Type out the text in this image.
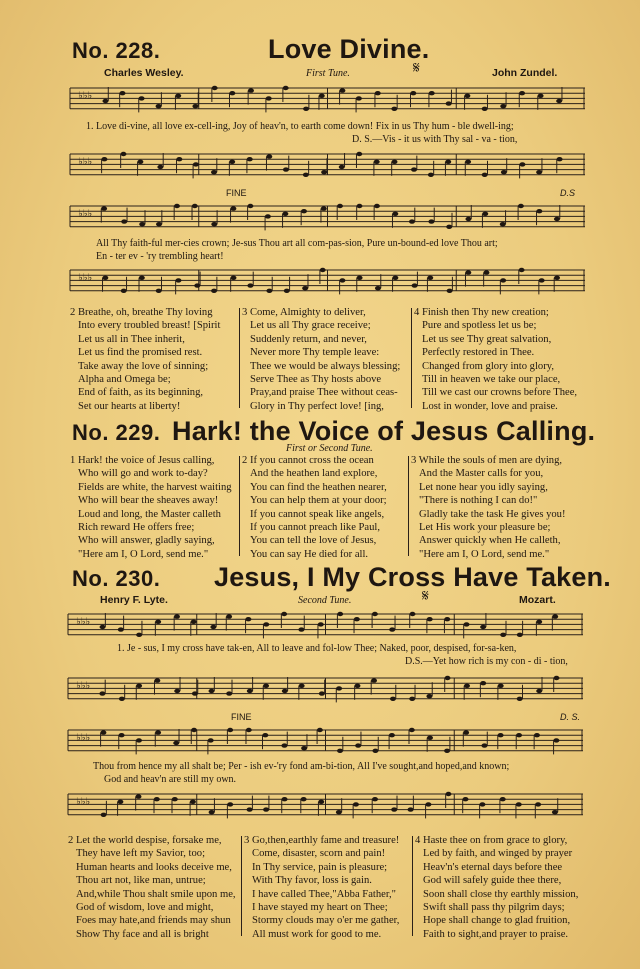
No. 228.	Love Divine.
Charles Wesley.	First Tune.	𝄋	John Zundel.
♭♭♭
1. Love di-vine, all love ex-cell-ing, Joy of heav'n, to earth come down! Fix in us Thy hum - ble dwell-ing;
D. S.—Vis - it us with Thy sal - va - tion,
♭♭♭
FINE	D.S
♭♭♭
All Thy faith-ful mer-cies crown; Je-sus Thou art all com-pas-sion, Pure un-bound-ed love Thou art;
En - ter ev - 'ry trembling heart!
♭♭♭
2 Breathe, oh, breathe Thy loving
Into every troubled breast! [Spirit
Let us all in Thee inherit,
Let us find the promised rest.
Take away the love of sinning;
Alpha and Omega be;
End of faith, as its beginning,
Set our hearts at liberty!
3 Come, Almighty to deliver,
Let us all Thy grace receive;
Suddenly return, and never,
Never more Thy temple leave:
Thee we would be always blessing;
Serve Thee as Thy hosts above
Pray,and praise Thee without ceas-
Glory in Thy perfect love! [ing,
4 Finish then Thy new creation;
Pure and spotless let us be;
Let us see Thy great salvation,
Perfectly restored in Thee.
Changed from glory into glory,
Till in heaven we take our place,
Till we cast our crowns before Thee,
Lost in wonder, love and praise.
No. 229. Hark! the Voice of Jesus Calling.
First or Second Tune.
1 Hark! the voice of Jesus calling,
Who will go and work to-day?
Fields are white, the harvest waiting
Who will bear the sheaves away!
Loud and long, the Master calleth
Rich reward He offers free;
Who will answer, gladly saying,
"Here am I, O Lord, send me."
2 If you cannot cross the ocean
And the heathen land explore,
You can find the heathen nearer,
You can help them at your door;
If you cannot speak like angels,
If you cannot preach like Paul,
You can tell the love of Jesus,
You can say He died for all.
3 While the souls of men are dying,
And the Master calls for you,
Let none hear you idly saying,
"There is nothing I can do!"
Gladly take the task He gives you!
Let His work your pleasure be;
Answer quickly when He calleth,
"Here am I, O Lord, send me."
No. 230. Jesus, I My Cross Have Taken.
Henry F. Lyte.	Second Tune.	𝄋	Mozart.
♭♭♭
1. Je - sus, I my cross have tak-en, All to leave and fol-low Thee; Naked, poor, despised, for-sa-ken,
D.S.—Yet how rich is my con - di - tion,
♭♭♭
FINE	D. S.
♭♭♭
Thou from hence my all shalt be; Per - ish ev-'ry fond am-bi-tion, All I've sought,and hoped,and known;
God and heav'n are still my own.
♭♭♭
2 Let the world despise, forsake me,
They have left my Savior, too;
Human hearts and looks deceive me,
Thou art not, like man, untrue;
And,while Thou shalt smile upon me,
God of wisdom, love and might,
Foes may hate,and friends may shun
Show Thy face and all is bright
3 Go,then,earthly fame and treasure!
Come, disaster, scorn and pain!
In Thy service, pain is pleasure;
With Thy favor, loss is gain.
I have called Thee,"Abba Father,"
I have stayed my heart on Thee;
Stormy clouds may o'er me gather,
All must work for good to me.
4 Haste thee on from grace to glory,
Led by faith, and winged by prayer
Heav'n's eternal days before thee
God will safely guide thee there,
Soon shall close thy earthly mission,
Swift shall pass thy pilgrim days;
Hope shall change to glad fruition,
Faith to sight,and prayer to praise.
